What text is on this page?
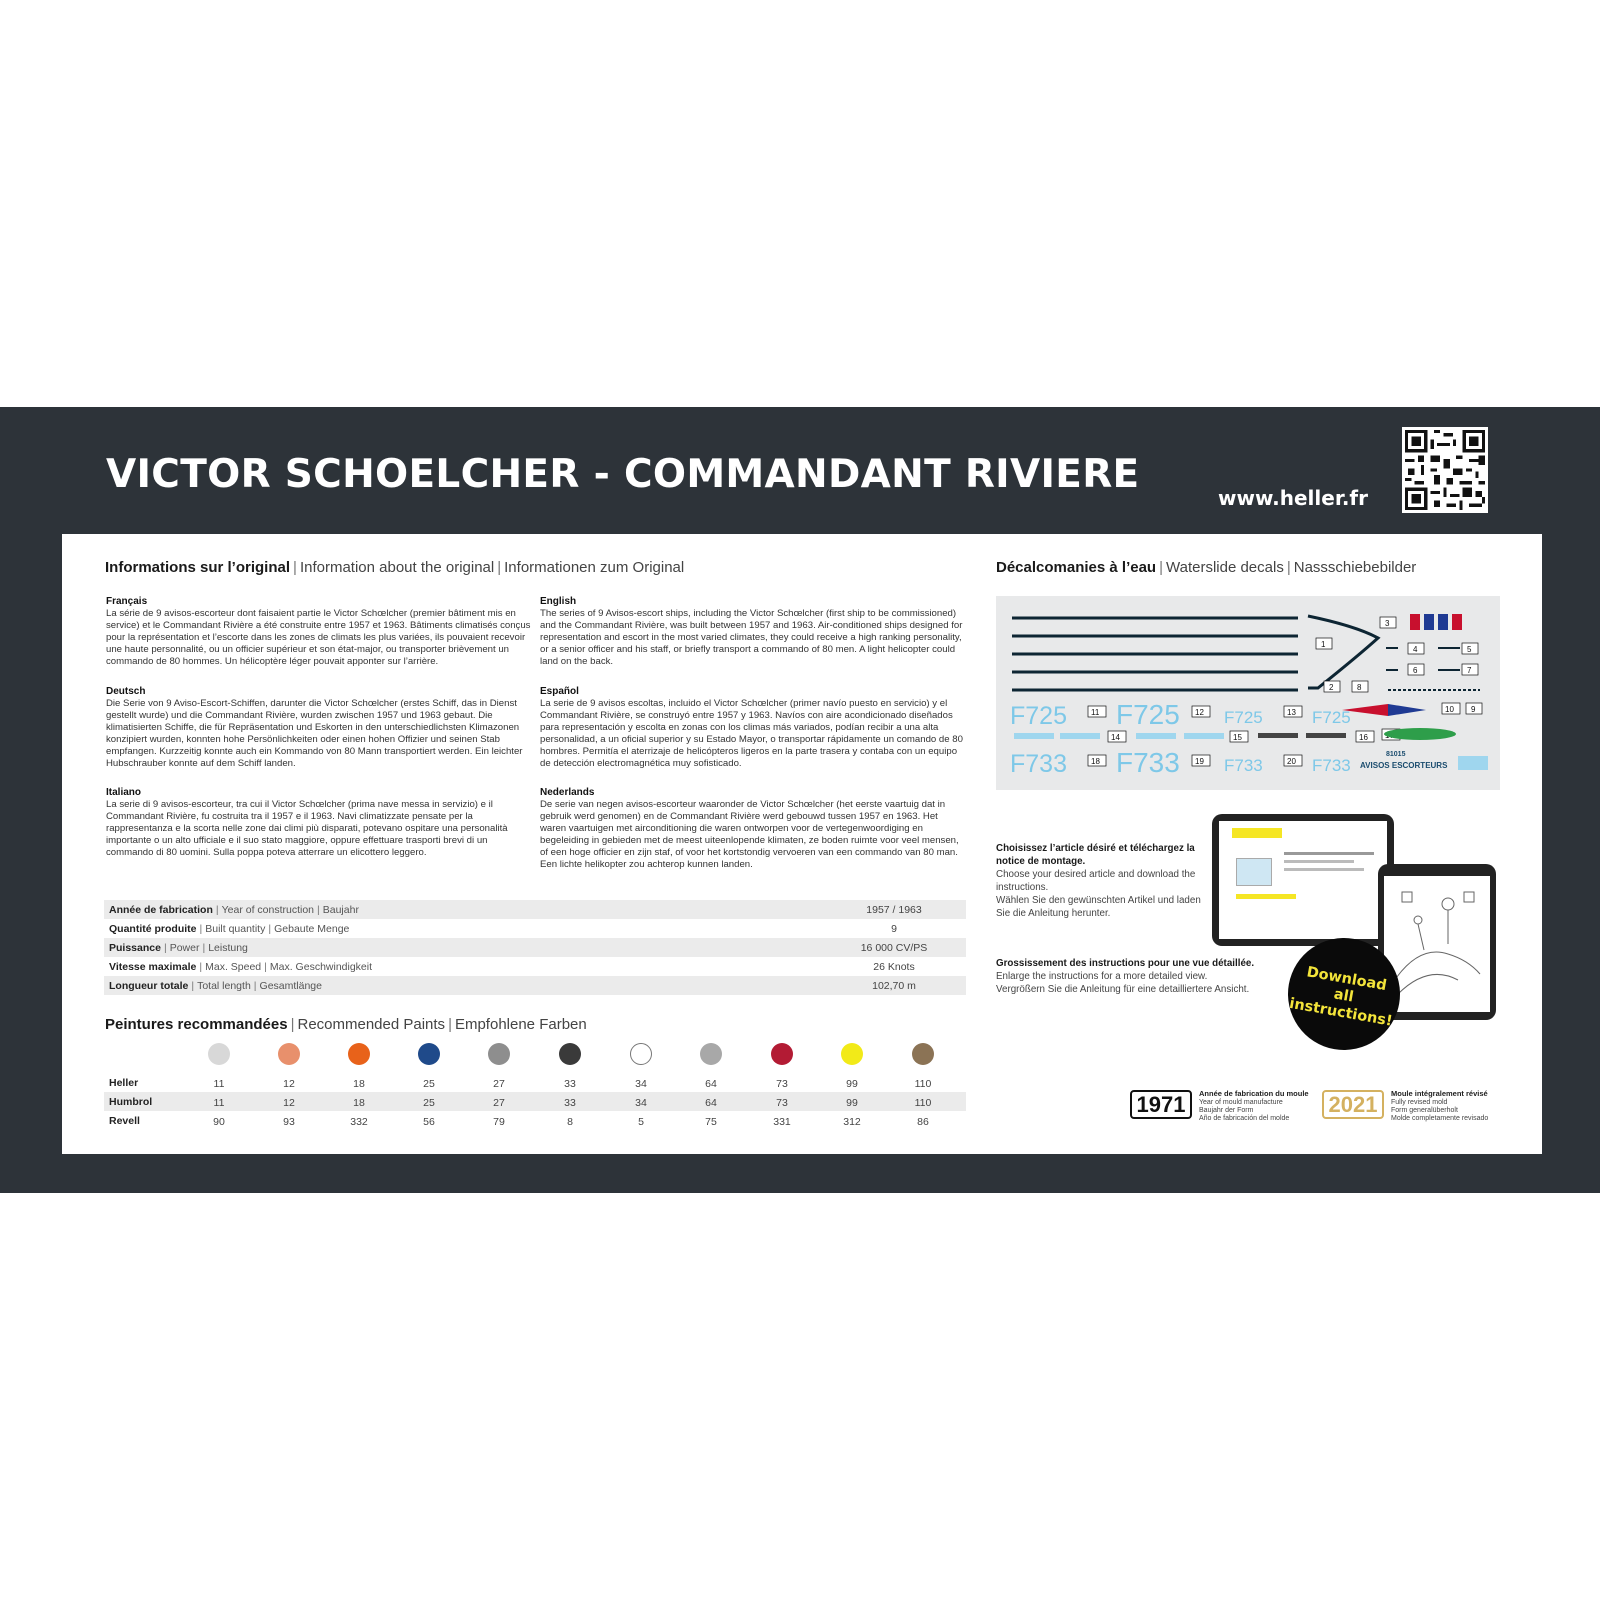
VICTOR SCHOELCHER - COMMANDANT RIVIERE
www.heller.fr
Informations sur l’original | Information about the original | Informationen zum Original
Français

La série de 9 avisos-escorteur dont faisaient partie le Victor Schœlcher (premier bâtiment mis en service) et le Commandant Rivière a été construite entre 1957 et 1963. Bâtiments climatisés conçus pour la représentation et l’escorte dans les zones de climats les plus variées, ils pouvaient recevoir une haute personnalité, ou un officier supérieur et son état-major, ou transporter brièvement un commando de 80 hommes. Un hélicoptère léger pouvait apponter sur l’arrière.

Deutsch

Die Serie von 9 Aviso-Escort-Schiffen, darunter die Victor Schœlcher (erstes Schiff, das in Dienst gestellt wurde) und die Commandant Rivière, wurden zwischen 1957 und 1963 gebaut. Die klimatisierten Schiffe, die für Repräsentation und Eskorten in den unterschiedlichsten Klimazonen konzipiert wurden, konnten hohe Persönlichkeiten oder einen hohen Offizier und seinen Stab empfangen. Kurzzeitig konnte auch ein Kommando von 80 Mann transportiert werden. Ein leichter Hubschrauber konnte auf dem Schiff landen.

Italiano

La serie di 9 avisos-escorteur, tra cui il Victor Schœlcher (prima nave messa in servizio) e il Commandant Rivière, fu costruita tra il 1957 e il 1963. Navi climatizzate pensate per la rappresentanza e la scorta nelle zone dai climi più disparati, potevano ospitare una personalità importante o un alto ufficiale e il suo stato maggiore, oppure effettuare trasporti brevi di un commando di 80 uomini. Sulla poppa poteva atterrare un elicottero leggero.

English

The series of 9 Avisos-escort ships, including the Victor Schœlcher (first ship to be commissioned) and the Commandant Rivière, was built between 1957 and 1963. Air-conditioned ships designed for representation and escort in the most varied climates, they could receive a high ranking personality, or a senior officer and his staff, or briefly transport a commando of 80 men. A light helicopter could land on the back.

Español

La serie de 9 avisos escoltas, incluido el Victor Schœlcher (primer navío puesto en servicio) y el Commandant Rivière, se construyó entre 1957 y 1963. Navíos con aire acondicionado diseñados para representación y escolta en zonas con los climas más variados, podían recibir a una alta personalidad, a un oficial superior y su Estado Mayor, o transportar rápidamente un comando de 80 hombres. Permitía el aterrizaje de helicópteros ligeros en la parte trasera y contaba con un equipo de detección electromagnética muy sofisticado.

Nederlands

De serie van negen avisos-escorteur waaronder de Victor Schœlcher (het eerste vaartuig dat in gebruik werd genomen) en de Commandant Rivière werd gebouwd tussen 1957 en 1963. Het waren vaartuigen met airconditioning die waren ontworpen voor de vertegenwoordiging en begeleiding in gebieden met de meest uiteenlopende klimaten, ze boden ruimte voor veel mensen, of een hoge officier en zijn staf, of voor het kortstondig vervoeren van een commando van 80 man. Een lichte helikopter zou achterop kunnen landen.

Année de fabrication | Year of construction | Baujahr	1957 / 1963
Quantité produite | Built quantity | Gebaute Menge	9
Puissance | Power | Leistung	16 000 CV/PS
Vitesse maximale | Max. Speed | Max. Geschwindigkeit	26 Knots
Longueur totale | Total length | Gesamtlänge	102,70 m
Peintures recommandées | Recommended Paints | Empfohlene Farben
Heller	11	12	18	25	27	33	34	64	73	99	110
Humbrol	11	12	18	25	27	33	34	64	73	99	110
Revell	90	93	332	56	79	8	5	75	331	312	86
Décalcomanies à l’eau | Waterslide decals | Nassschiebebilder
F725 F725	F725	F725
F733 F733	F733	F733
1
2
3
4	5
6	7
8
9
10
11	12	13
14	15	16
18	19	20
81015
AVISOS ESCORTEURS
Choisissez l’article désiré et téléchargez la notice de montage.
Choose your desired article and download the instructions.
Wählen Sie den gewünschten Artikel und laden Sie die Anleitung herunter.
Grossissement des instructions pour une vue détaillée.
Enlarge the instructions for a more detailed view.
Vergrößern Sie die Anleitung für eine detailliertere Ansicht.	Download all instructions!
1971	Année de fabrication du moule
Year of mould manufacture
Baujahr der Form
Año de fabricación del molde
2021	Moule intégralement révisé
Fully revised mold
Form generalüberholt
Molde completamente revisado
